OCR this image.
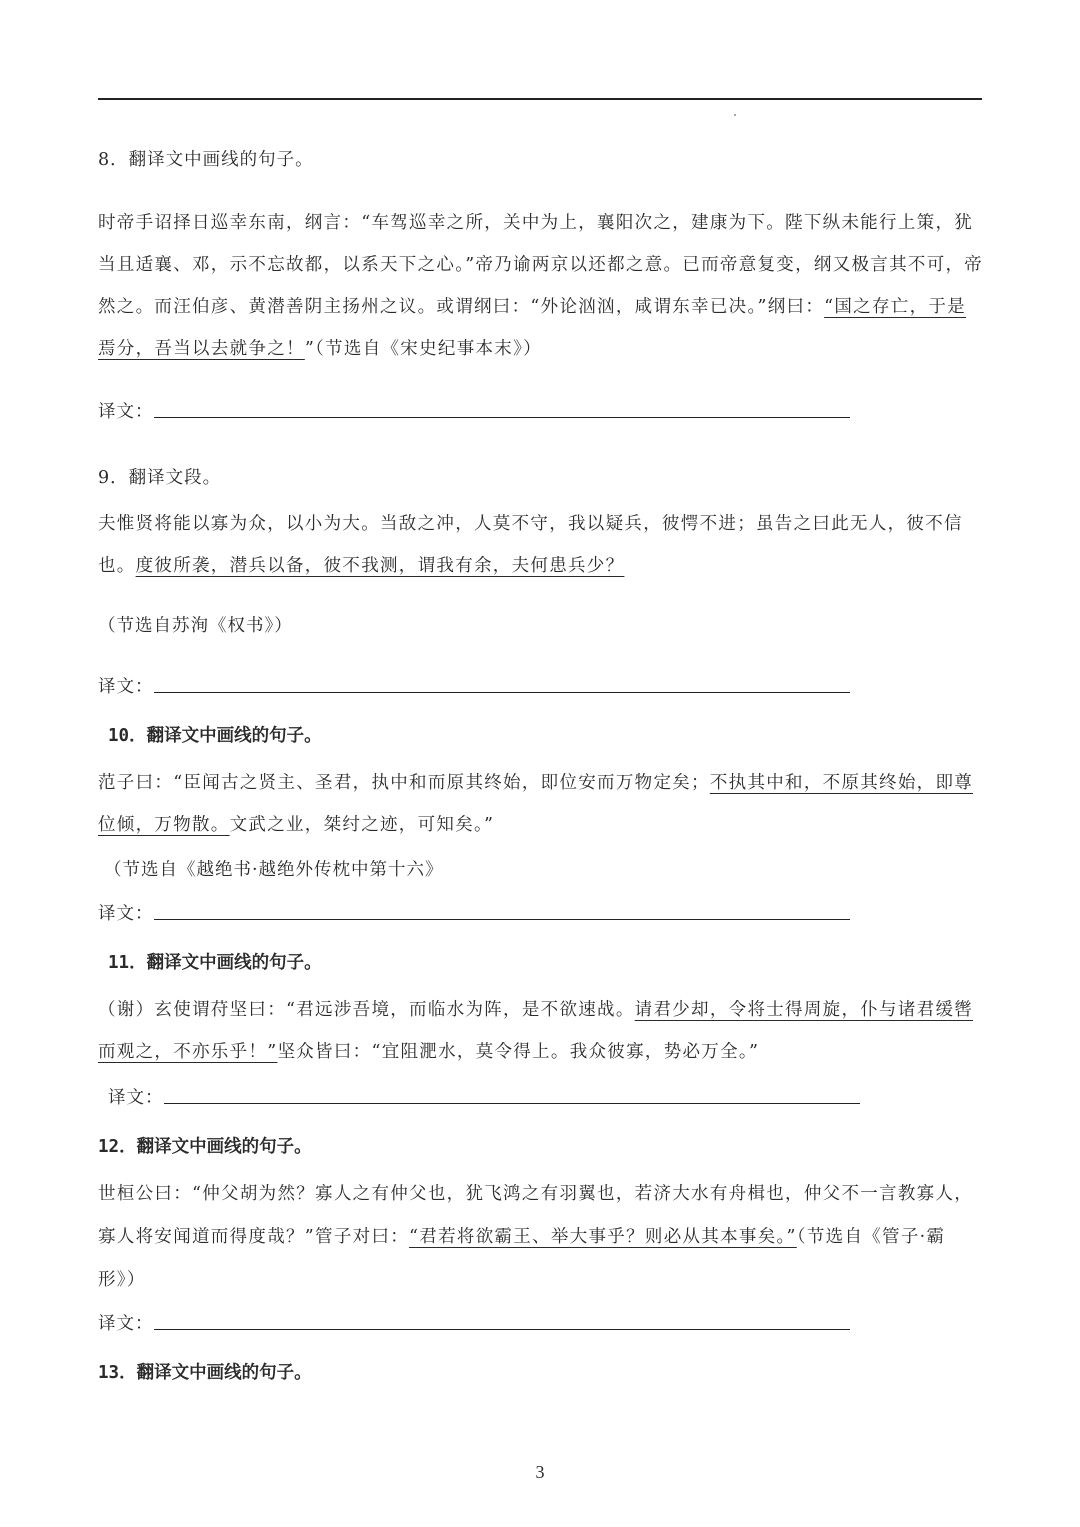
8．翻译文中画线的句子。
时帝手诏择日巡幸东南，纲言：“车驾巡幸之所，关中为上，襄阳次之，建康为下。陛下纵未能行上策，犹当且适襄、邓，示不忘故都，以系天下之心。”帝乃谕两京以还都之意。已而帝意复变，纲又极言其不可，帝然之。而汪伯彦、黄潜善阴主扬州之议。或谓纲曰：“外论汹汹，咸谓东幸已决。”纲曰：“国之存亡，于是焉分，吾当以去就争之！”（节选自《宋史纪事本末》）
译文：
9．翻译文段。
夫惟贤将能以寡为众，以小为大。当敌之冲，人莫不守，我以疑兵，彼愕不进；虽告之曰此无人，彼不信也。度彼所袭，潜兵以备，彼不我测，谓我有余，夫何患兵少？
（节选自苏洵《权书》）
译文：
10．翻译文中画线的句子。
范子曰：“臣闻古之贤主、圣君，执中和而原其终始，即位安而万物定矣；不执其中和，不原其终始，即尊位倾，万物散。文武之业，桀纣之迹，可知矣。”
（节选自《越绝书·越绝外传枕中第十六》
译文：
11．翻译文中画线的句子。
（谢）玄使谓苻坚曰：“君远涉吾境，而临水为阵，是不欲速战。请君少却，令将士得周旋，仆与诸君缓辔而观之，不亦乐乎！”坚众皆曰：“宜阻淝水，莫令得上。我众彼寡，势必万全。”
译文：
12．翻译文中画线的句子。
世桓公曰：“仲父胡为然？寡人之有仲父也，犹飞鸿之有羽翼也，若济大水有舟楫也，仲父不一言教寡人，寡人将安闻道而得度哉？”管子对曰：“君若将欲霸王、举大事乎？则必从其本事矣。”（节选自《管子·霸形》）
译文：
13．翻译文中画线的句子。
3
